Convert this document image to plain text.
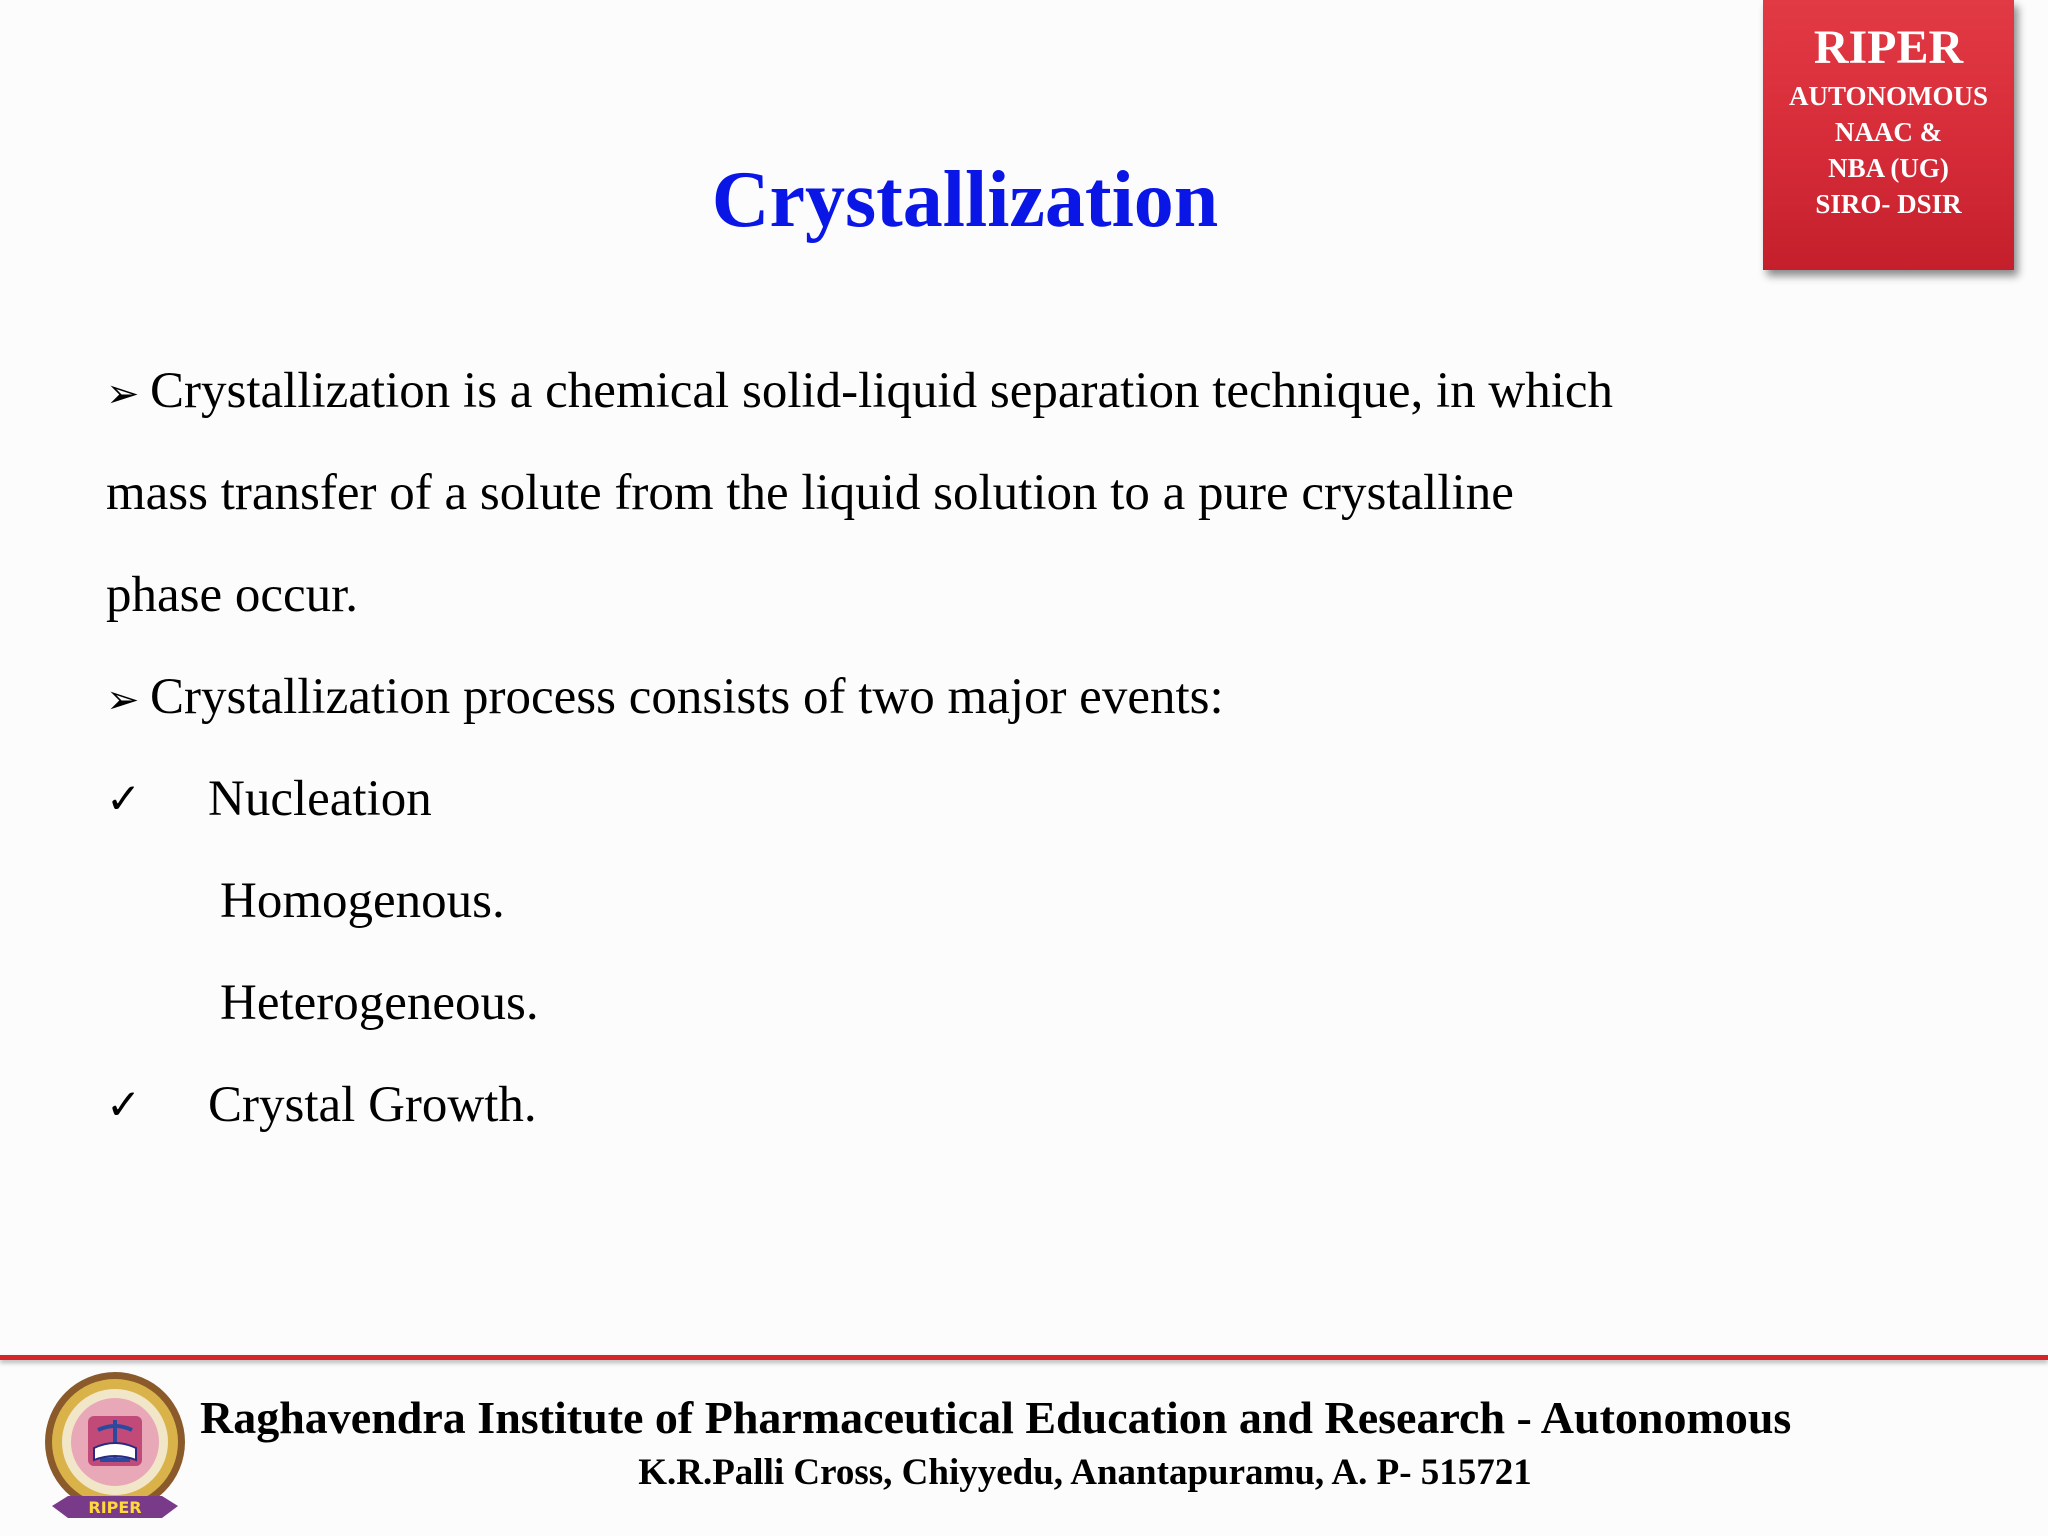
RIPER
AUTONOMOUS
NAAC &
NBA (UG)
SIRO- DSIR
Crystallization
➢ Crystallization is a chemical solid-liquid separation technique, in which
mass transfer of a solute from the liquid solution to a pure crystalline
phase occur.
➢ Crystallization process consists of two major events:
✓ Nucleation
Homogenous.
Heterogeneous.
✓ Crystal Growth.
RIPER
Raghavendra Institute of Pharmaceutical Education and Research - Autonomous
K.R.Palli Cross, Chiyyedu, Anantapuramu, A. P- 515721
